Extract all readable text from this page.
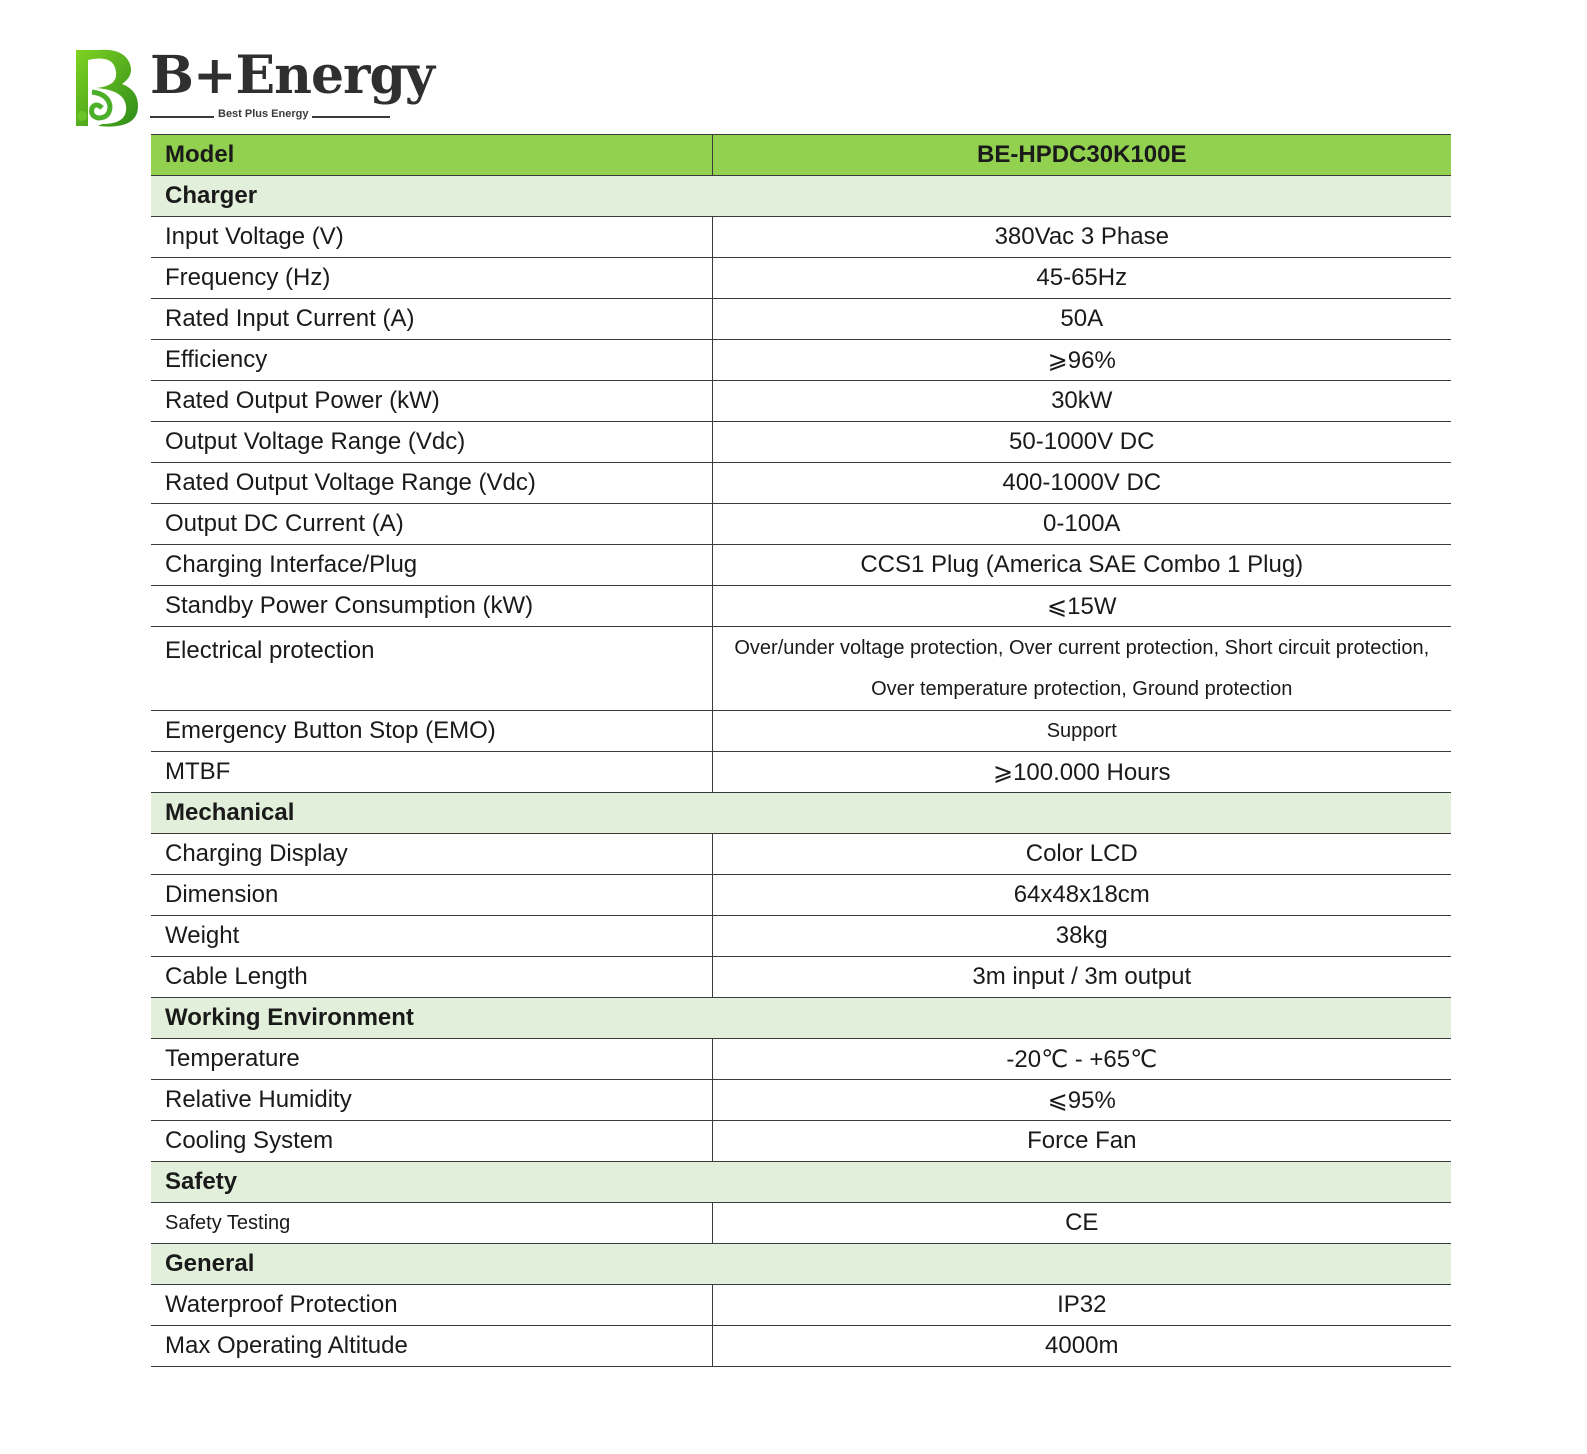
B+Energy
Best Plus Energy
Model	BE-HPDC30K100E
Charger	
Input Voltage (V)	380Vac 3 Phase
Frequency (Hz)	45-65Hz
Rated Input Current (A)	50A
Efficiency	⩾96%
Rated Output Power (kW)	30kW
Output Voltage Range (Vdc)	50-1000V DC
Rated Output Voltage Range (Vdc)	400-1000V DC
Output DC Current (A)	0-100A
Charging Interface/Plug	CCS1 Plug (America SAE Combo 1 Plug)
Standby Power Consumption (kW)	⩽15W
Electrical protection	Over/under voltage protection, Over current protection, Short circuit protection, Over temperature protection, Ground protection
Emergency Button Stop (EMO)	Support
MTBF	⩾100.000 Hours
Mechanical	
Charging Display	Color LCD
Dimension	64x48x18cm
Weight	38kg
Cable Length	3m input / 3m output
Working Environment	
Temperature	-20℃ - +65℃
Relative Humidity	⩽95%
Cooling System	Force Fan
Safety	
Safety Testing	CE
General	
Waterproof Protection	IP32
Max Operating Altitude	4000m
